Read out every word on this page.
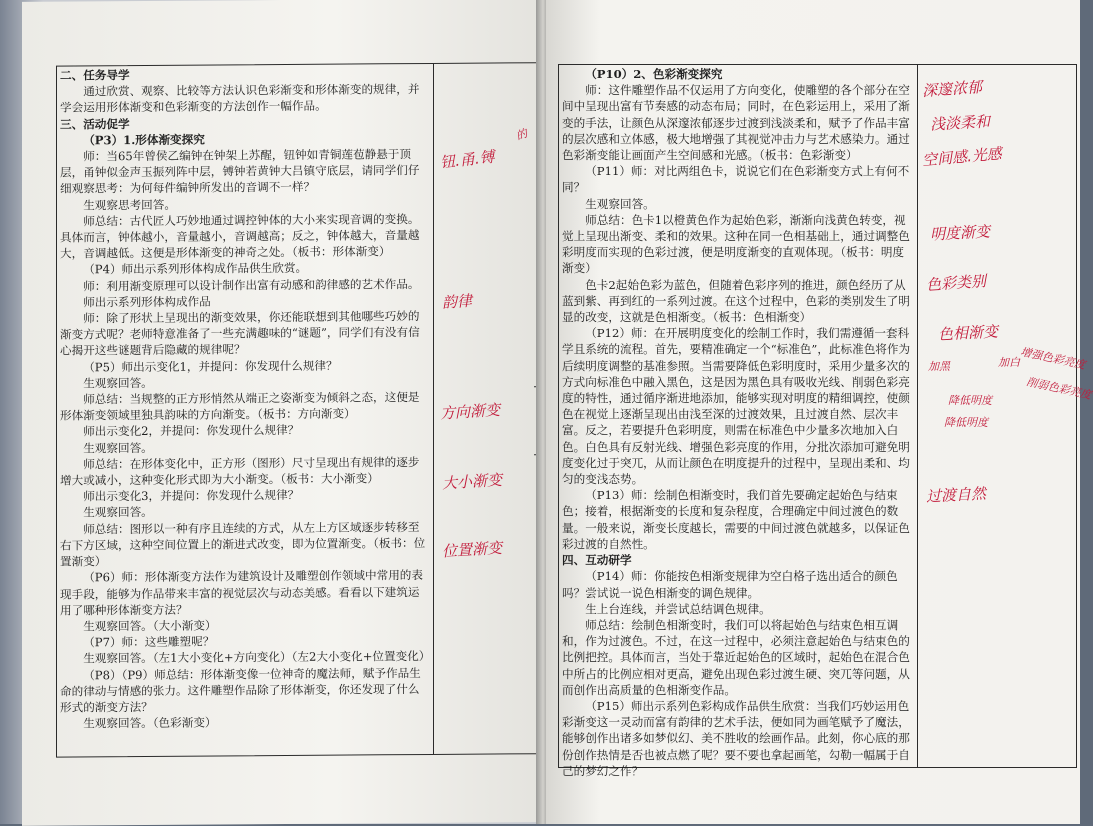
二、任务导学

通过欣赏、观察、比较等方法认识色彩渐变和形体渐变的规律，并学会运用形体渐变和色彩渐变的方法创作一幅作品。

三、活动促学

（P3）1.形体渐变探究

师：当65年曾侯乙编钟在钟架上苏醒，钮钟如青铜莲苞静悬于顶层，甬钟似金声玉振列阵中层，镈钟若黄钟大吕镇守底层，请同学们仔细观察思考：为何每件编钟所发出的音调不一样？

生观察思考回答。

师总结：古代匠人巧妙地通过调控钟体的大小来实现音调的变换。具体而言，钟体越小，音量越小，音调越高；反之，钟体越大，音量越大，音调越低。这便是形体渐变的神奇之处。（板书：形体渐变）

（P4）师出示系列形体构成作品供生欣赏。

师：利用渐变原理可以设计制作出富有动感和韵律感的艺术作品。

师出示系列形体构成作品

师：除了形状上呈现出的渐变效果，你还能联想到其他哪些巧妙的渐变方式呢？老师特意准备了一些充满趣味的“谜题”，同学们有没有信心揭开这些谜题背后隐藏的规律呢？

（P5）师出示变化1，并提问：你发现什么规律？

生观察回答。

师总结：当规整的正方形悄然从端正之姿渐变为倾斜之态，这便是形体渐变领域里独具韵味的方向渐变。（板书：方向渐变）

师出示变化2，并提问：你发现什么规律？

生观察回答。

师总结：在形体变化中，正方形（图形）尺寸呈现出有规律的逐步增大或减小，这种变化形式即为大小渐变。（板书：大小渐变）

师出示变化3，并提问：你发现什么规律？

生观察回答。

师总结：图形以一种有序且连续的方式，从左上方区域逐步转移至右下方区域，这种空间位置上的渐进式改变，即为位置渐变。（板书：位置渐变）

（P6）师：形体渐变方法作为建筑设计及雕塑创作领域中常用的表现手段，能够为作品带来丰富的视觉层次与动态美感。看看以下建筑运用了哪种形体渐变方法？

生观察回答。（大小渐变）

（P7）师：这些雕塑呢？

生观察回答。（左1大小变化+方向变化）（左2大小变化+位置变化）

（P8）（P9）师总结：形体渐变像一位神奇的魔法师，赋予作品生命的律动与情感的张力。这件雕塑作品除了形体渐变，你还发现了什么形式的渐变方法？

生观察回答。（色彩渐变）

钮.甬.镈
的
韵律
方向渐变
大小渐变
位置渐变

（P10）2、色彩渐变探究

师：这件雕塑作品不仅运用了方向变化，使雕塑的各个部分在空间中呈现出富有节奏感的动态布局；同时，在色彩运用上，采用了渐变的手法，让颜色从深邃浓郁逐步过渡到浅淡柔和，赋予了作品丰富的层次感和立体感，极大地增强了其视觉冲击力与艺术感染力。通过色彩渐变能让画面产生空间感和光感。（板书：色彩渐变）

（P11）师：对比两组色卡，说说它们在色彩渐变方式上有何不同？

生观察回答。

师总结：色卡1以橙黄色作为起始色彩，渐渐向浅黄色转变，视觉上呈现出渐变、柔和的效果。这种在同一色相基础上，通过调整色彩明度而实现的色彩过渡，便是明度渐变的直观体现。（板书：明度渐变）

色卡2起始色彩为蓝色，但随着色彩序列的推进，颜色经历了从蓝到紫、再到红的一系列过渡。在这个过程中，色彩的类别发生了明显的改变，这就是色相渐变。（板书：色相渐变）

（P12）师：在开展明度变化的绘制工作时，我们需遵循一套科学且系统的流程。首先，要精准确定一个“标准色”，此标准色将作为后续明度调整的基准参照。当需要降低色彩明度时，采用少量多次的方式向标准色中融入黑色，这是因为黑色具有吸收光线、削弱色彩亮度的特性，通过循序渐进地添加，能够实现对明度的精细调控，使颜色在视觉上逐渐呈现出由浅至深的过渡效果，且过渡自然、层次丰富。反之，若要提升色彩明度，则需在标准色中少量多次地加入白色。白色具有反射光线、增强色彩亮度的作用，分批次添加可避免明度变化过于突兀，从而让颜色在明度提升的过程中，呈现出柔和、均匀的变浅态势。

（P13）师：绘制色相渐变时，我们首先要确定起始色与结束色；接着，根据渐变的长度和复杂程度，合理确定中间过渡色的数量。一般来说，渐变长度越长，需要的中间过渡色就越多，以保证色彩过渡的自然性。

四、互动研学

（P14）师：你能按色相渐变规律为空白格子选出适合的颜色吗？尝试说一说色相渐变的调色规律。

生上台连线，并尝试总结调色规律。

师总结：绘制色相渐变时，我们可以将起始色与结束色相互调和，作为过渡色。不过，在这一过程中，必须注意起始色与结束色的比例把控。具体而言，当处于靠近起始色的区域时，起始色在混合色中所占的比例应相对更高，避免出现色彩过渡生硬、突兀等问题，从而创作出高质量的色相渐变作品。

（P15）师出示系列色彩构成作品供生欣赏：当我们巧妙运用色彩渐变这一灵动而富有韵律的艺术手法，便如同为画笔赋予了魔法，能够创作出诸多如梦似幻、美不胜收的绘画作品。此刻，你心底的那份创作热情是否也被点燃了呢？要不要也拿起画笔，勾勒一幅属于自己的梦幻之作？

深邃浓郁
浅淡柔和
空间感.光感
明度渐变
色彩类别
色相渐变
加黑	加白
降低明度
增强色彩亮度
降低明度
削弱色彩亮度
过渡自然
